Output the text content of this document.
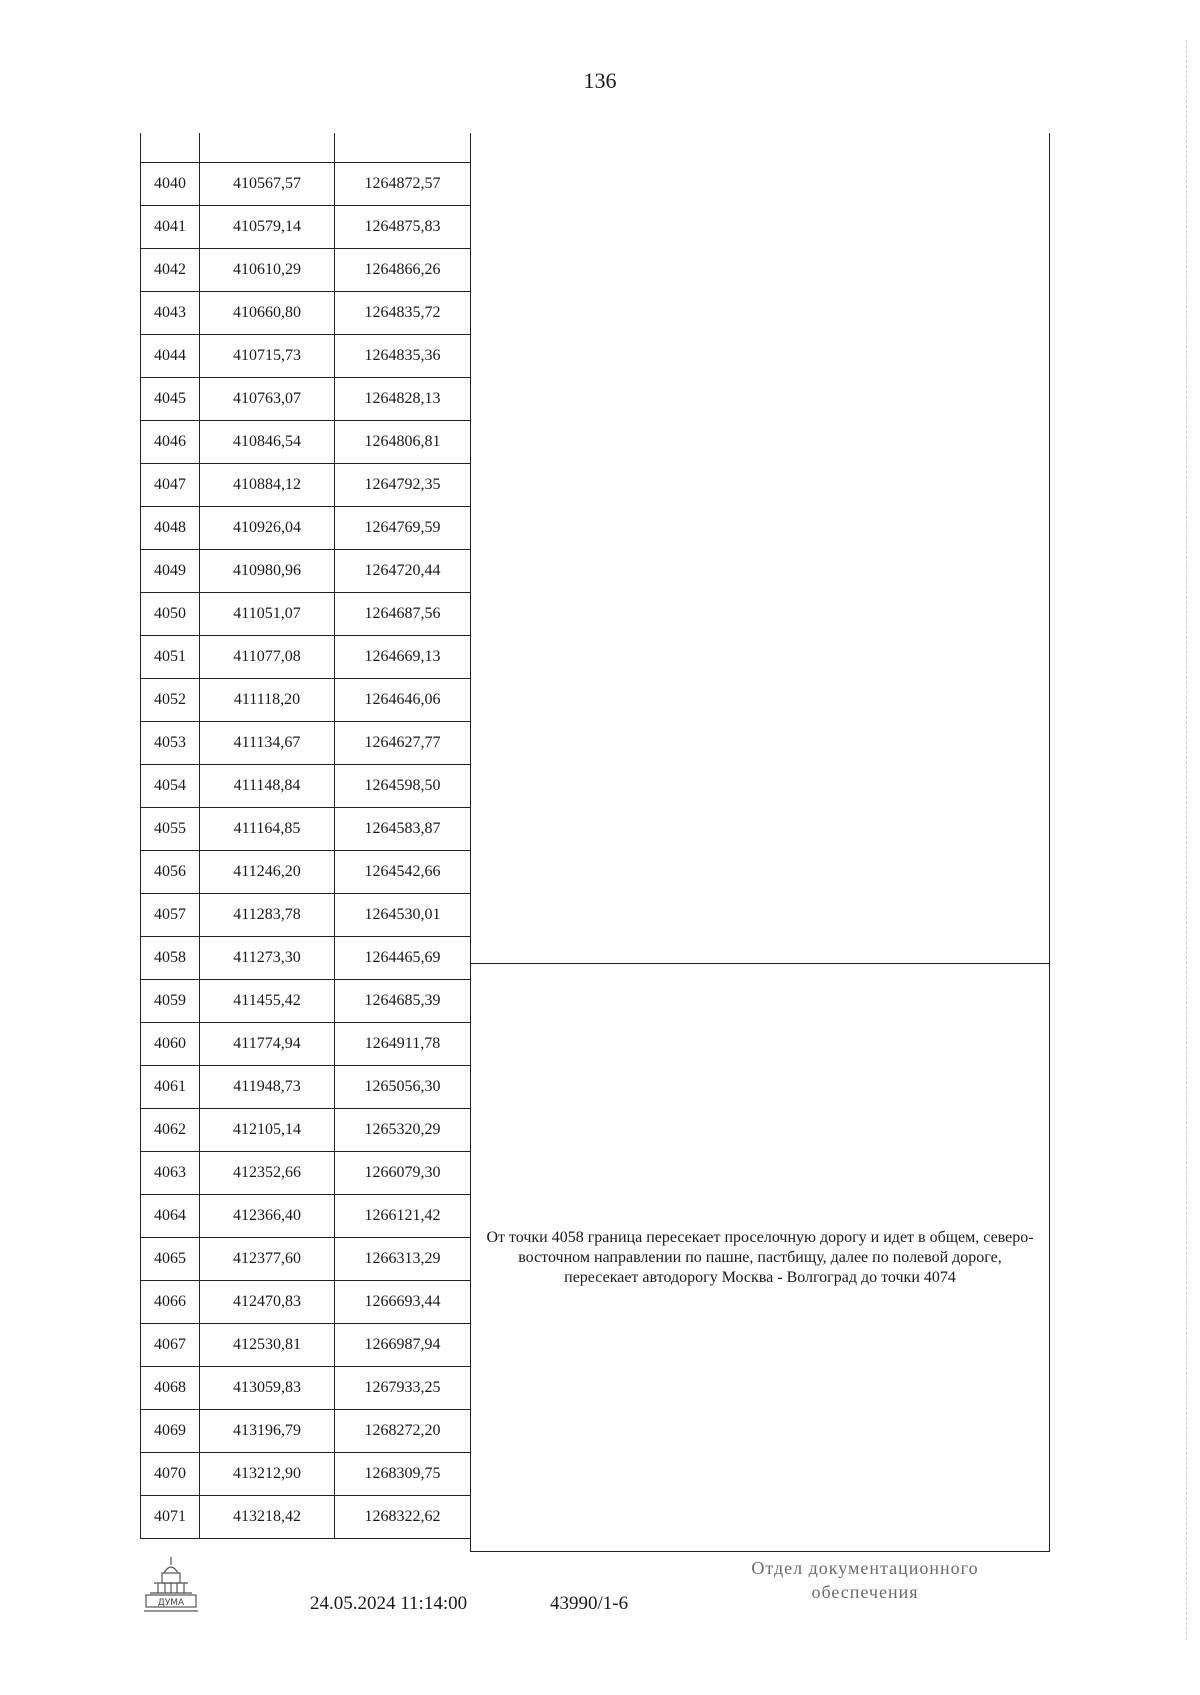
136

4040	410567,57	1264872,57
4041	410579,14	1264875,83
4042	410610,29	1264866,26
4043	410660,80	1264835,72
4044	410715,73	1264835,36
4045	410763,07	1264828,13
4046	410846,54	1264806,81
4047	410884,12	1264792,35
4048	410926,04	1264769,59
4049	410980,96	1264720,44
4050	411051,07	1264687,56
4051	411077,08	1264669,13
4052	411118,20	1264646,06
4053	411134,67	1264627,77
4054	411148,84	1264598,50
4055	411164,85	1264583,87
4056	411246,20	1264542,66
4057	411283,78	1264530,01
4058	411273,30	1264465,69
4059	411455,42	1264685,39
4060	411774,94	1264911,78
4061	411948,73	1265056,30
4062	412105,14	1265320,29
4063	412352,66	1266079,30
4064	412366,40	1266121,42
4065	412377,60	1266313,29
4066	412470,83	1266693,44
4067	412530,81	1266987,94
4068	413059,83	1267933,25
4069	413196,79	1268272,20
4070	413212,90	1268309,75
4071	413218,42	1268322,62
От точки 4058 граница пересекает проселочную дорогу и идет в общем, северо-восточном направлении по пашне, пастбищу, далее по полевой дороге, пересекает автодорогу Москва - Волгоград до точки 4074
ДУМА	24.05.2024 11:14:00	43990/1-6
Отдел документационного
обеспечения
